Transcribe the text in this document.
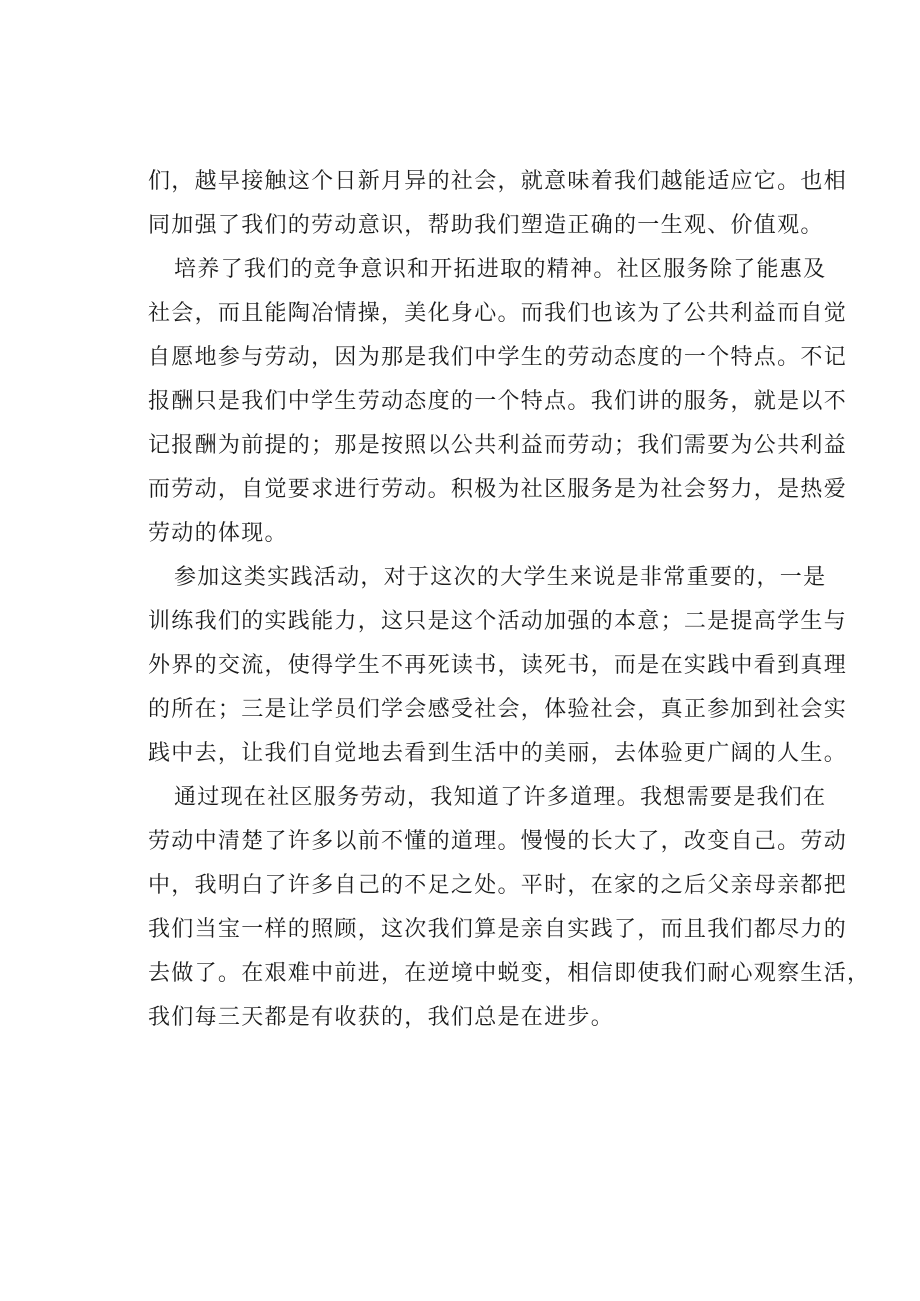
们，越早接触这个日新月异的社会，就意味着我们越能适应它。也相
同加强了我们的劳动意识，帮助我们塑造正确的一生观、价值观。
培养了我们的竞争意识和开拓进取的精神。社区服务除了能惠及
社会，而且能陶冶情操，美化身心。而我们也该为了公共利益而自觉
自愿地参与劳动，因为那是我们中学生的劳动态度的一个特点。不记
报酬只是我们中学生劳动态度的一个特点。我们讲的服务，就是以不
记报酬为前提的；那是按照以公共利益而劳动；我们需要为公共利益
而劳动，自觉要求进行劳动。积极为社区服务是为社会努力，是热爱
劳动的体现。
参加这类实践活动，对于这次的大学生来说是非常重要的，一是
训练我们的实践能力，这只是这个活动加强的本意；二是提高学生与
外界的交流，使得学生不再死读书，读死书，而是在实践中看到真理
的所在；三是让学员们学会感受社会，体验社会，真正参加到社会实
践中去，让我们自觉地去看到生活中的美丽，去体验更广阔的人生。
通过现在社区服务劳动，我知道了许多道理。我想需要是我们在
劳动中清楚了许多以前不懂的道理。慢慢的长大了，改变自己。劳动
中，我明白了许多自己的不足之处。平时，在家的之后父亲母亲都把
我们当宝一样的照顾，这次我们算是亲自实践了，而且我们都尽力的
去做了。在艰难中前进，在逆境中蜕变，相信即使我们耐心观察生活，
我们每三天都是有收获的，我们总是在进步。
